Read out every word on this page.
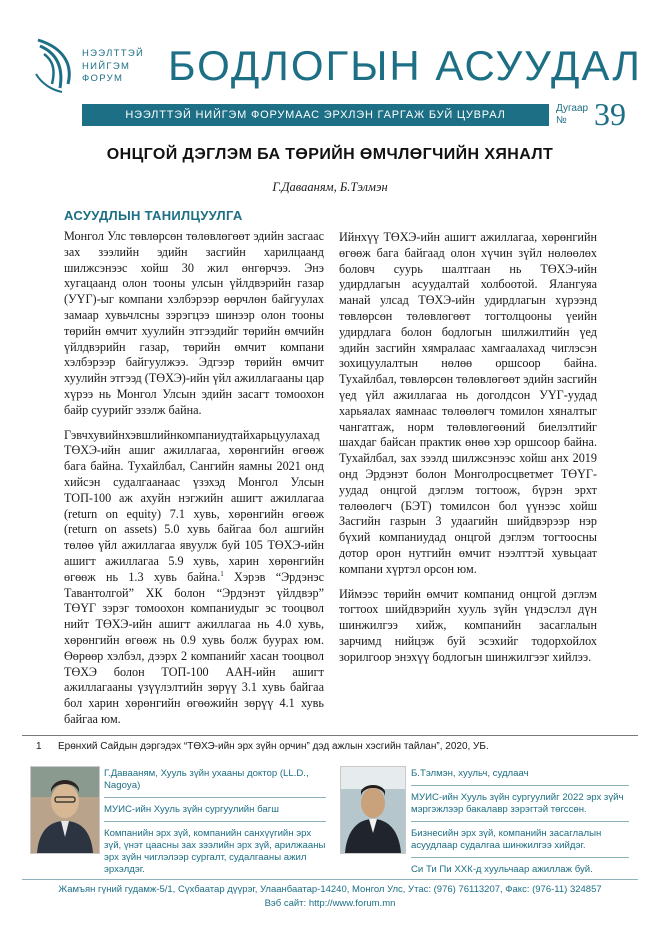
НЭЭЛТТЭЙ
НИЙГЭМ
ФОРУМ	БОДЛОГЫН АСУУДАЛ
НЭЭЛТТЭЙ НИЙГЭМ ФОРУМААС ЭРХЛЭН ГАРГАЖ БУЙ ЦУВРАЛ
Дугаар
№ 39
ОНЦГОЙ ДЭГЛЭМ БА ТӨРИЙН ӨМЧЛӨГЧИЙН ХЯНАЛТ
Г.Даваaням, Б.Тэлмэн
АСУУДЛЫН ТАНИЛЦУУЛГА

Монгол Улс төвлөрсөн төлөвлөгөөт эдийн засгаас зах зээлийн эдийн засгийн харилцаанд шилжсэнээс хойш 30 жил өнгөрчээ. Энэ хугацаанд олон тооны улсын үйлдвэрийн газар (УҮГ)-ыг компани хэлбэрээр өөрчлөн байгуулах замаар хувьчлсны зэрэгцээ шинээр олон тооны төрийн өмчит хуулийн этгээдийг төрийн өмчийн үйлдвэрийн газар, төрийн өмчит компани хэлбэрээр байгуулжээ. Эдгээр төрийн өмчит хуулийн этгээд (ТӨХЭ)-ийн үйл ажиллагааны цар хүрээ нь Монгол Улсын эдийн засагт томоохон байр суурийг эзэлж байна.

Гэвчхувийнхэвшлийнкомпаниудтайхарьцуулахад ТӨХЭ-ийн ашиг ажиллагаа, хөрөнгийн өгөөж бага байна. Тухайлбал, Сангийн яамны 2021 онд хийсэн судалгаанаас үзэхэд Монгол Улсын ТОП-100 аж ахуйн нэгжийн ашигт ажиллагаа (return on equity) 7.1 хувь, хөрөнгийн өгөөж (return on assets) 5.0 хувь байгаа бол ашгийн төлөө үйл ажиллагаа явуулж буй 105 ТӨХЭ-ийн ашигт ажиллагаа 5.9 хувь, харин хөрөнгийн өгөөж нь 1.3 хувь байна.$^1$ Хэрэв “Эрдэнэс Тавантолгой” ХК болон “Эрдэнэт үйлдвэр” ТӨҮГ зэрэг томоохон компаниудыг эс тооцвол нийт ТӨХЭ-ийн ашигт ажиллагаа нь 4.0 хувь, хөрөнгийн өгөөж нь 0.9 хувь болж буурах юм. Өөрөөр хэлбэл, дээрх 2 компанийг хасан тооцвол ТӨХЭ болон ТОП-100 ААН-ийн ашигт ажиллагааны үзүүлэлтийн зөрүү 3.1 хувь байгаа бол харин хөрөнгийн өгөөжийн зөрүү 4.1 хувь байгаа юм.

Ийнхүү ТӨХЭ-ийн ашигт ажиллагаа, хөрөнгийн өгөөж бага байгаад олон хүчин зүйл нөлөөлөх боловч суурь шалтгаан нь ТӨХЭ-ийн удирдлагын асуудалтай холбоотой. Ялангуяа манай улсад ТӨХЭ-ийн удирдлагын хүрээнд төвлөрсөн төлөвлөгөөт тогтолцооны үеийн удирдлага болон бодлогын шилжилтийн үед эдийн засгийн хямралаас хамгаалахад чиглэсэн зохицуулалтын нөлөө оршсоор байна. Тухайлбал, төвлөрсөн төлөвлөгөөт эдийн засгийн үед үйл ажиллагаа нь доголдсон УҮГ-уудад харьяалах яамнаас төлөөлөгч томилон хяналтыг чангатгаж, норм төлөвлөгөөний биелэлтийг шахдаг байсан практик өнөө хэр оршсоор байна. Тухайлбал, зах зээлд шилжсэнээс хойш анх 2019 онд Эрдэнэт болон Монголросцветмет ТӨҮГ-уудад онцгой дэглэм тогтоож, бүрэн эрхт төлөөлөгч (БЭТ) томилсон бол үүнээс хойш Засгийн газрын 3 удаагийн шийдвэрээр нэр бүхий компаниудад онцгой дэглэм тогтоосны дотор орон нутгийн өмчит нээлттэй хувьцаат компани хүртэл орсон юм.

Иймээс төрийн өмчит компанид онцгой дэглэм тогтоох шийдвэрийн хууль зүйн үндэслэл дүн шинжилгээ хийж, компанийн засаглалын зарчимд нийцэж буй эсэхийг тодорхойлох зорилгоор энэхүү бодлогын шинжилгээг хийлээ.

1 Ерөнхий Сайдын дэргэдэх “ТӨХЭ-ийн эрх зүйн орчин” дэд ажлын хэсгийн тайлан”, 2020, УБ.

Г.Даваaням, Хууль зүйн ухааны доктор (LL.D., Nagoya)

МУИС-ийн Хууль зүйн сургуулийн багш

Компанийн эрх зүй, компанийн санхүүгийн эрх зүй, үнэт цаасны зах зээлийн эрх зүй, арилжааны эрх зүйн чиглэлээр сургалт, судалгааны ажил эрхэлдэг.

Б.Тэлмэн, хуульч, судлаач

МУИС-ийн Хууль зүйн сургуулийг 2022 эрх зүйч мэргэжлээр бакалавр зэрэгтэй төгссөн.

Бизнесийн эрх зүй, компанийн засаглалын асуудлаар судалгаа шинжилгээ хийдэг.

Си Ти Пи ХХК-д хуульчаар ажиллаж буй.

Жамъян гүний гудамж-5/1, Сүхбаатар дүүрэг, Улаанбаатар-14240, Монгол Улс, Утас: (976) 76113207, Факс: (976-11) 324857
Вэб сайт: http://www.forum.mn
